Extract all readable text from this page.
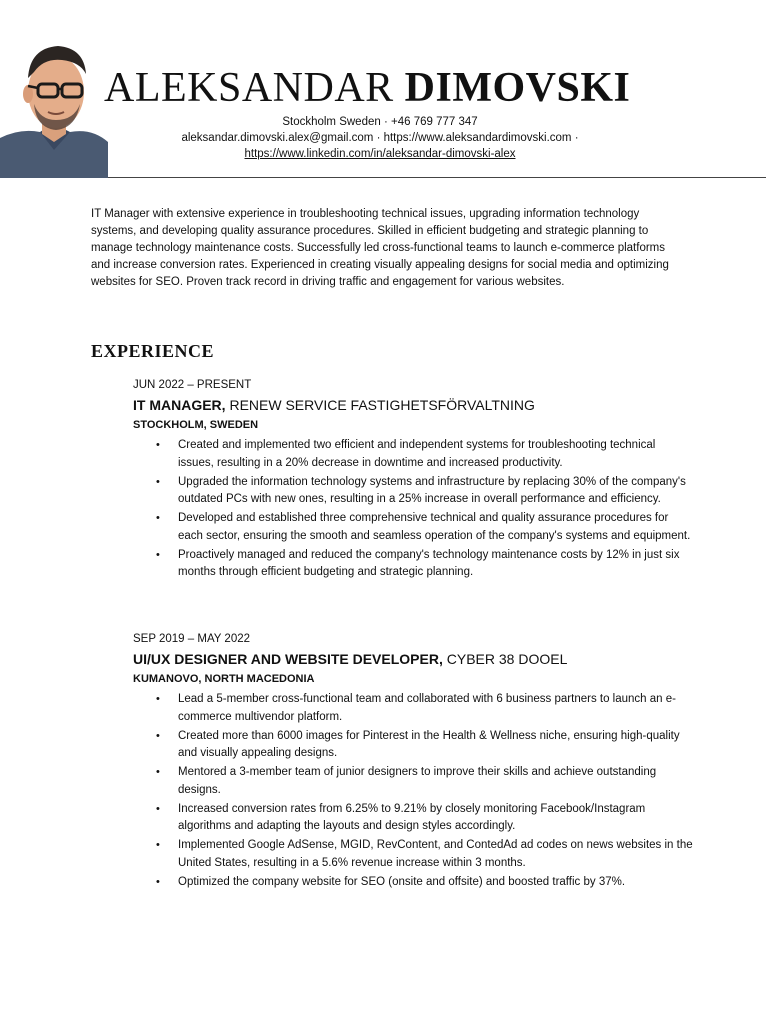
ALEKSANDAR DIMOVSKI
Stockholm Sweden · +46 769 777 347
aleksandar.dimovski.alex@gmail.com · https://www.aleksandardimovski.com ·
https://www.linkedin.com/in/aleksandar-dimovski-alex

IT Manager with extensive experience in troubleshooting technical issues, upgrading information technology systems, and developing quality assurance procedures. Skilled in efficient budgeting and strategic planning to manage technology maintenance costs. Successfully led cross-functional teams to launch e-commerce platforms and increase conversion rates. Experienced in creating visually appealing designs for social media and optimizing websites for SEO. Proven track record in driving traffic and engagement for various websites.

EXPERIENCE
JUN 2022 – PRESENT
IT MANAGER, RENEW SERVICE FASTIGHETSFÖRVALTNING
STOCKHOLM, SWEDEN
• Created and implemented two efficient and independent systems for troubleshooting technical issues, resulting in a 20% decrease in downtime and increased productivity.
• Upgraded the information technology systems and infrastructure by replacing 30% of the company's outdated PCs with new ones, resulting in a 25% increase in overall performance and efficiency.
• Developed and established three comprehensive technical and quality assurance procedures for each sector, ensuring the smooth and seamless operation of the company's systems and equipment.
• Proactively managed and reduced the company's technology maintenance costs by 12% in just six months through efficient budgeting and strategic planning.
SEP 2019 – MAY 2022
UI/UX DESIGNER AND WEBSITE DEVELOPER, CYBER 38 DOOEL
KUMANOVO, NORTH MACEDONIA
• Lead a 5-member cross-functional team and collaborated with 6 business partners to launch an e-commerce multivendor platform.
• Created more than 6000 images for Pinterest in the Health & Wellness niche, ensuring high-quality and visually appealing designs.
• Mentored a 3-member team of junior designers to improve their skills and achieve outstanding designs.
• Increased conversion rates from 6.25% to 9.21% by closely monitoring Facebook/Instagram algorithms and adapting the layouts and design styles accordingly.
• Implemented Google AdSense, MGID, RevContent, and ContedAd ad codes on news websites in the United States, resulting in a 5.6% revenue increase within 3 months.
• Optimized the company website for SEO (onsite and offsite) and boosted traffic by 37%.
